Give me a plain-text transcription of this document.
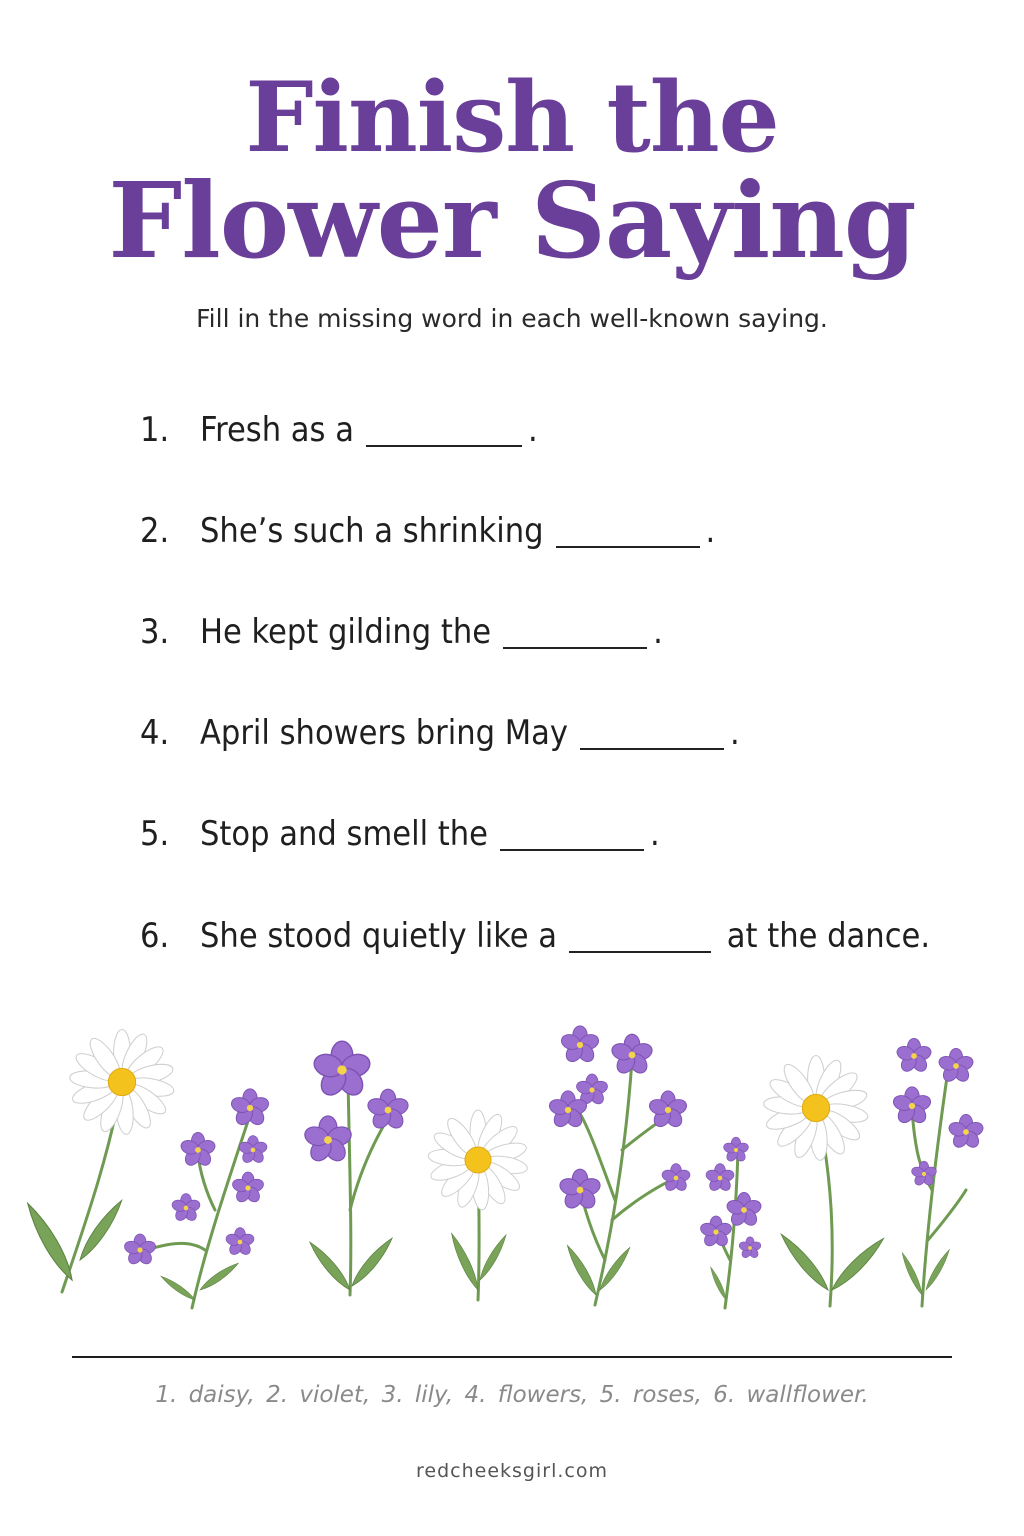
Finish the
Flower Saying
Fill in the missing word in each well-known saying.
1. Fresh as a	.
2. She’s such a shrinking	.
3. He kept gilding the	.
4. April showers bring May	.
5. Stop and smell the	.
6. She stood quietly like a	at the dance.
1. daisy, 2. violet, 3. lily, 4. flowers, 5. roses, 6. wallflower.
redcheeksgirl.com
